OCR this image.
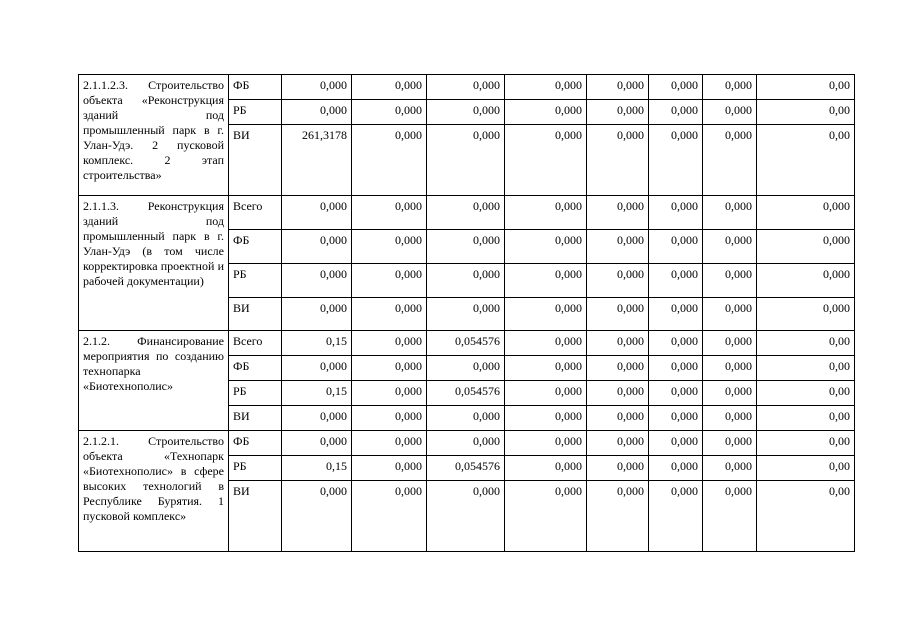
2.1.1.2.3. Строительство объекта «Реконструкция зданий под промышленный парк в г. Улан-Удэ. 2 пусковой комплекс. 2 этап строительства»	ФБ	0,000	0,000	0,000	0,000	0,000	0,000	0,000	0,00
	РБ	0,000	0,000	0,000	0,000	0,000	0,000	0,000	0,00
	ВИ	261,3178	0,000	0,000	0,000	0,000	0,000	0,000	0,00
2.1.1.3. Реконструкция зданий под промышленный парк в г. Улан-Удэ (в том числе корректировка проектной и рабочей документации)	Всего	0,000	0,000	0,000	0,000	0,000	0,000	0,000	0,000
	ФБ	0,000	0,000	0,000	0,000	0,000	0,000	0,000	0,000
	РБ	0,000	0,000	0,000	0,000	0,000	0,000	0,000	0,000
	ВИ	0,000	0,000	0,000	0,000	0,000	0,000	0,000	0,000
2.1.2. Финансирование мероприятия по созданию технопарка «Биотехнополис»	Всего	0,15	0,000	0,054576	0,000	0,000	0,000	0,000	0,00
	ФБ	0,000	0,000	0,000	0,000	0,000	0,000	0,000	0,00
	РБ	0,15	0,000	0,054576	0,000	0,000	0,000	0,000	0,00
	ВИ	0,000	0,000	0,000	0,000	0,000	0,000	0,000	0,00
2.1.2.1. Строительство объекта «Технопарк «Биотехнополис» в сфере высоких технологий в Республике Бурятия. 1 пусковой комплекс»	ФБ	0,000	0,000	0,000	0,000	0,000	0,000	0,000	0,00
	РБ	0,15	0,000	0,054576	0,000	0,000	0,000	0,000	0,00
	ВИ	0,000	0,000	0,000	0,000	0,000	0,000	0,000	0,00
